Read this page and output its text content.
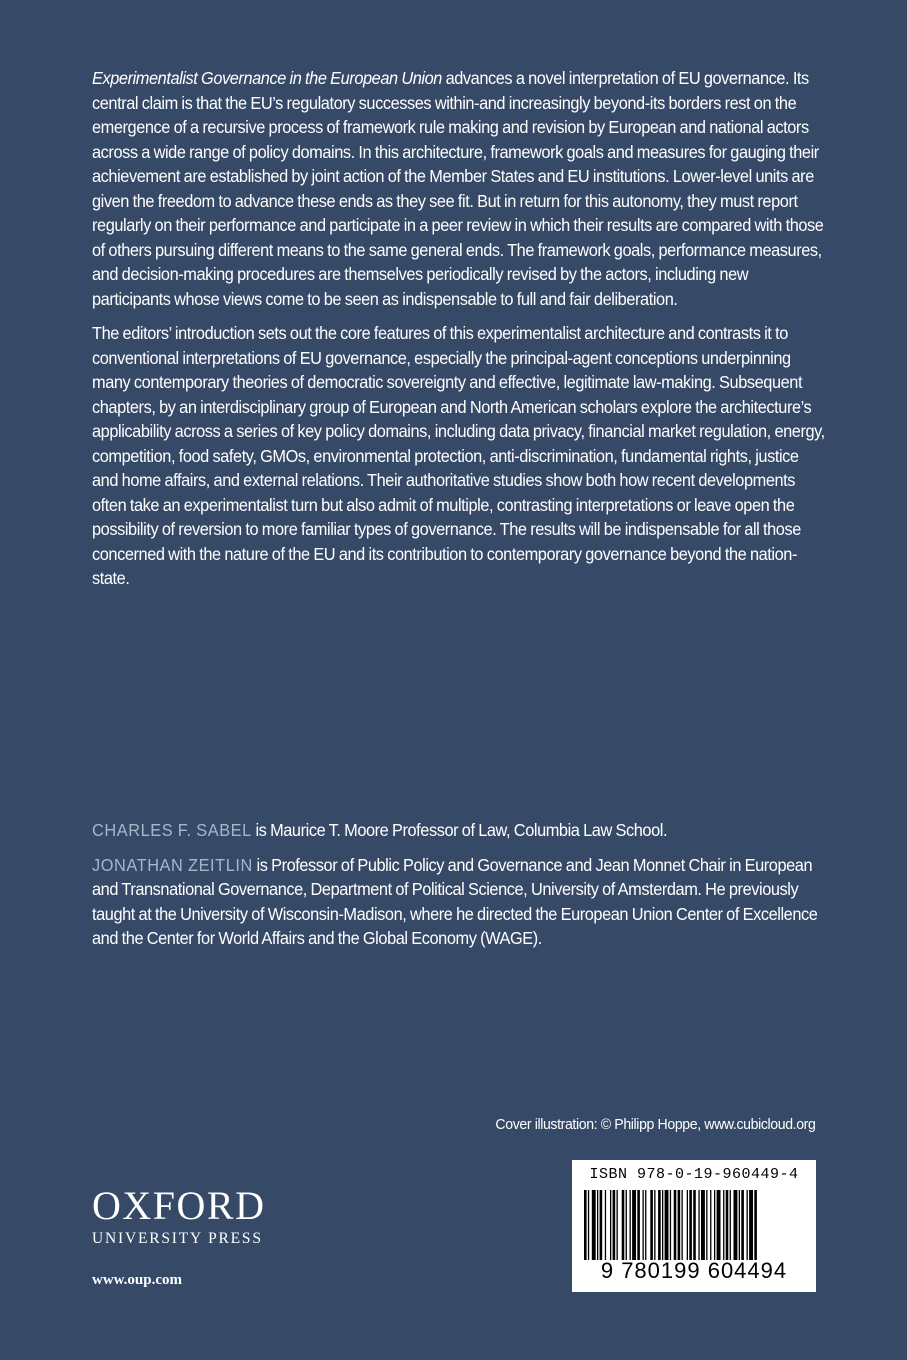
Experimentalist Governance in the European Union advances a novel interpretation of EU governance. Its central claim is that the EU’s regulatory successes within-and increasingly beyond-its borders rest on the emergence of a recursive process of framework rule making and revision by European and national actors across a wide range of policy domains. In this architecture, framework goals and measures for gauging their achievement are established by joint action of the Member States and EU institutions. Lower-level units are given the freedom to advance these ends as they see fit. But in return for this autonomy, they must report regularly on their performance and participate in a peer review in which their results are compared with those of others pursuing different means to the same general ends. The framework goals, performance measures, and decision-making procedures are themselves periodically revised by the actors, including new participants whose views come to be seen as indispensable to full and fair deliberation.

The editors’ introduction sets out the core features of this experimentalist architecture and contrasts it to conventional interpretations of EU governance, especially the principal-agent conceptions underpinning many contemporary theories of democratic sovereignty and effective, legitimate law-making. Subsequent chapters, by an interdisciplinary group of European and North American scholars explore the architecture’s applicability across a series of key policy domains, including data privacy, financial market regulation, energy, competition, food safety, GMOs, environmental protection, anti-discrimination, fundamental rights, justice and home affairs, and external relations. Their authoritative studies show both how recent developments often take an experimentalist turn but also admit of multiple, contrasting interpretations or leave open the possibility of reversion to more familiar types of governance. The results will be indispensable for all those concerned with the nature of the EU and its contribution to contemporary governance beyond the nation-state.

CHARLES F. SABEL is Maurice T. Moore Professor of Law, Columbia Law School.

JONATHAN ZEITLIN is Professor of Public Policy and Governance and Jean Monnet Chair in European and Transnational Governance, Department of Political Science, University of Amsterdam. He previously taught at the University of Wisconsin-Madison, where he directed the European Union Center of Excellence and the Center for World Affairs and the Global Economy (WAGE).

Cover illustration: © Philipp Hoppe, www.cubicloud.org
OXFORD
UNIVERSITY PRESS
www.oup.com
ISBN 978-0-19-960449-4
9 780199 604494
